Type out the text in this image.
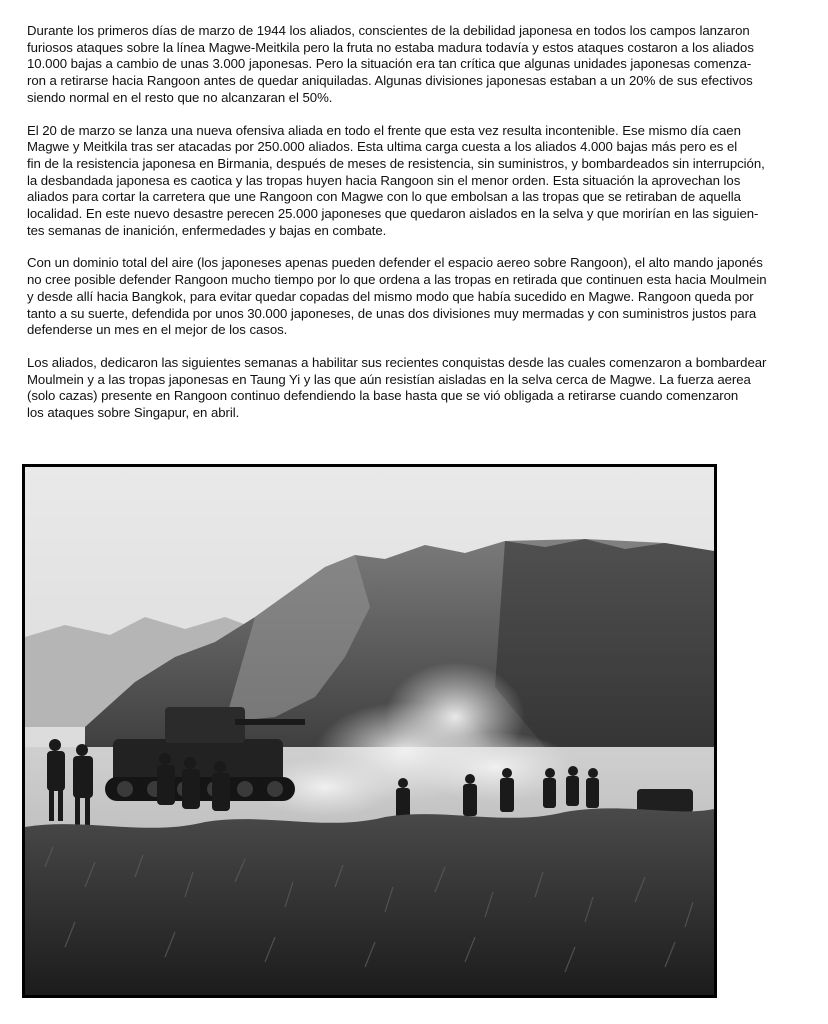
Durante los primeros días de marzo de 1944 los aliados, conscientes de la debilidad japonesa en todos los campos lanzaron
furiosos ataques sobre la línea Magwe-Meitkila pero la fruta no estaba madura todavía y estos ataques costaron a los aliados
10.000 bajas a cambio de unas 3.000 japonesas. Pero la situación era tan crítica que algunas unidades japonesas comenza-
ron a retirarse hacia Rangoon antes de quedar aniquiladas. Algunas divisiones japonesas estaban a un 20% de sus efectivos
siendo normal en el resto que no alcanzaran el 50%.
El 20 de marzo se lanza una nueva ofensiva aliada en todo el frente que esta vez resulta incontenible. Ese mismo día caen
Magwe y Meitkila tras ser atacadas por 250.000 aliados. Esta ultima carga cuesta a los aliados 4.000 bajas más pero es el
fin de la resistencia japonesa en Birmania, después de meses de resistencia, sin suministros, y bombardeados sin interrupción,
la desbandada japonesa es caotica y las tropas huyen hacia Rangoon sin el menor orden. Esta situación la aprovechan los
aliados para cortar la carretera que une Rangoon con Magwe con lo que embolsan a las tropas que se retiraban de aquella
localidad. En este nuevo desastre perecen 25.000 japoneses que quedaron aislados en la selva y que morirían en las siguien-
tes semanas de inanición, enfermedades y bajas en combate.
Con un dominio total del aire (los japoneses apenas pueden defender el espacio aereo sobre Rangoon), el alto mando japonés
no cree posible defender Rangoon mucho tiempo por lo que ordena a las tropas en retirada que continuen esta hacia Moulmein
y desde allí hacia Bangkok, para evitar quedar copadas del mismo modo que había sucedido en Magwe. Rangoon queda por
tanto a su suerte, defendida por unos 30.000 japoneses, de unas dos divisiones muy mermadas y con suministros justos para
defenderse un mes en el mejor de los casos.
Los aliados, dedicaron las siguientes semanas a habilitar sus recientes conquistas desde las cuales comenzaron a bombardear
Moulmein y a las tropas japonesas en Taung Yi y las que aún resistían aisladas en la selva cerca de Magwe. La fuerza aerea
(solo cazas) presente en Rangoon continuo defendiendo la base hasta que se vió obligada a retirarse cuando comenzaron
los ataques sobre Singapur, en abril.
